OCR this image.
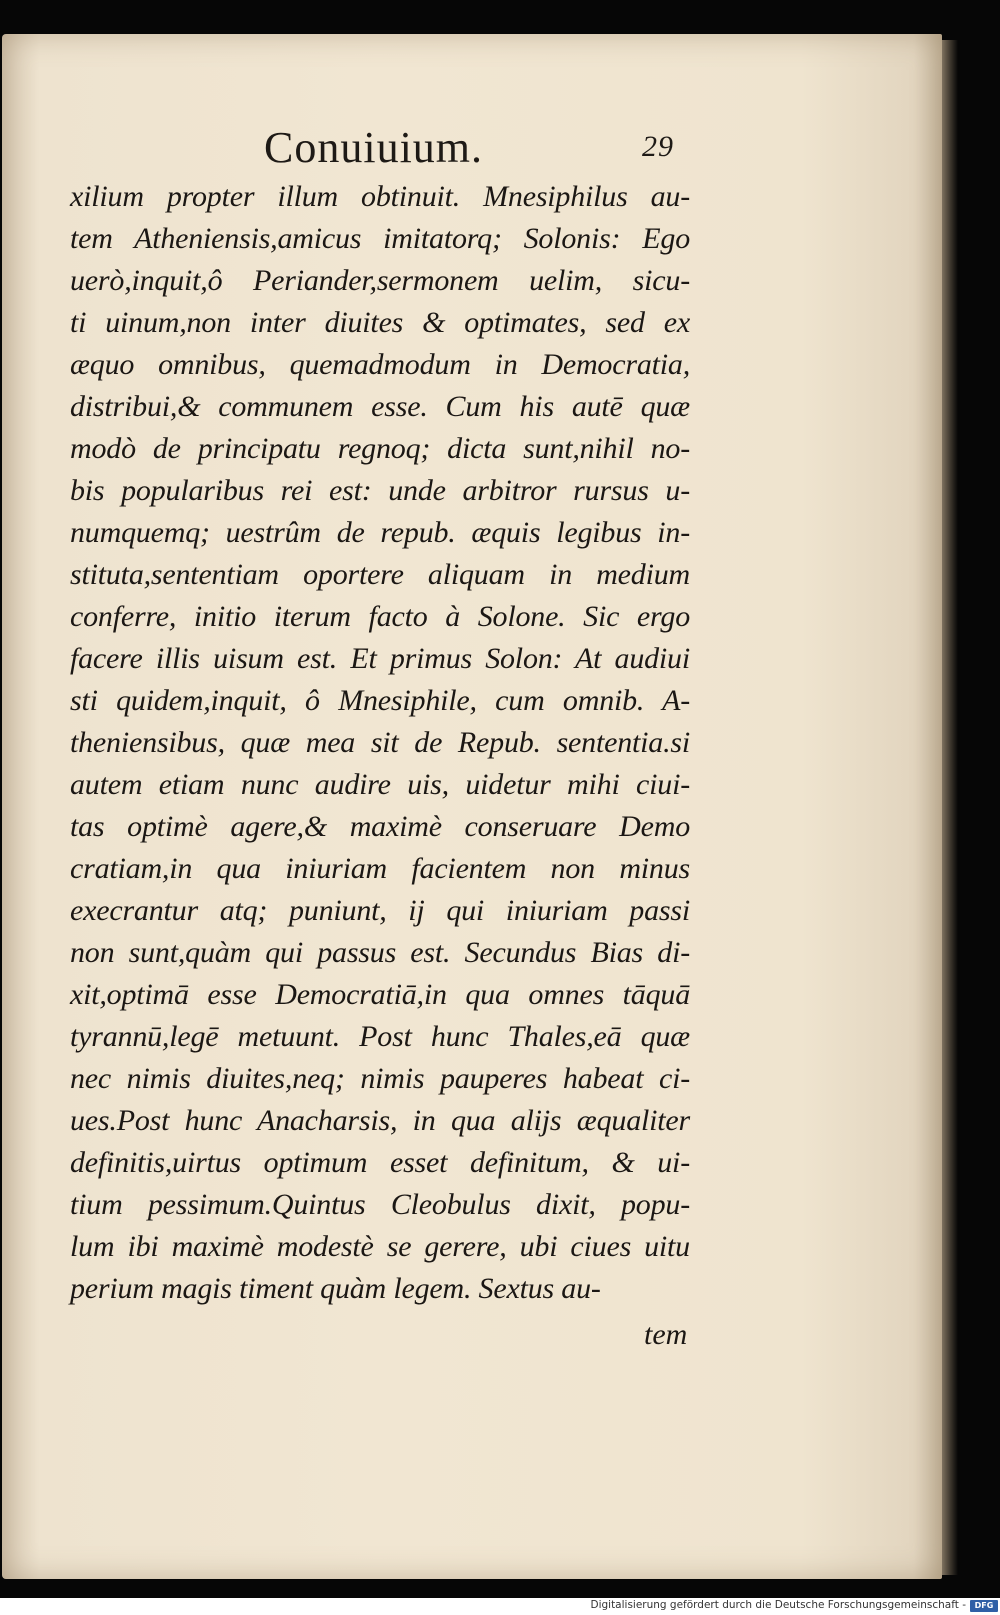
Conuiuium.	29
xilium propter illum obtinuit. Mnesiphilus au-
tem Atheniensis,amicus imitatorq; Solonis: Ego
uerò,inquit,ô Periander,sermonem uelim, sicu-
ti uinum,non inter diuites & optimates, sed ex
æquo omnibus, quemadmodum in Democratia,
distribui,& communem esse. Cum his autē quæ
modò de principatu regnoq; dicta sunt,nihil no-
bis popularibus rei est: unde arbitror rursus u-
numquemq; uestrûm de repub. æquis legibus in-
stituta,sententiam oportere aliquam in medium
conferre, initio iterum facto à Solone. Sic ergo
facere illis uisum est. Et primus Solon: At audiui
sti quidem,inquit, ô Mnesiphile, cum omnib. A-
theniensibus, quæ mea sit de Repub. sententia.si
autem etiam nunc audire uis, uidetur mihi ciui-
tas optimè agere,& maximè conseruare Demo
cratiam,in qua iniuriam facientem non minus
execrantur atq; puniunt, ij qui iniuriam passi
non sunt,quàm qui passus est. Secundus Bias di-
xit,optimā esse Democratiā,in qua omnes tāquā
tyrannū,legē metuunt. Post hunc Thales,eā quæ
nec nimis diuites,neq; nimis pauperes habeat ci-
ues.Post hunc Anacharsis, in qua alijs æqualiter
definitis,uirtus optimum esset definitum, & ui-
tium pessimum.Quintus Cleobulus dixit, popu-
lum ibi maximè modestè se gerere, ubi ciues uitu
perium magis timent quàm legem. Sextus au-
tem
Digitalisierung gefördert durch die Deutsche Forschungsgemeinschaft -	DFG
